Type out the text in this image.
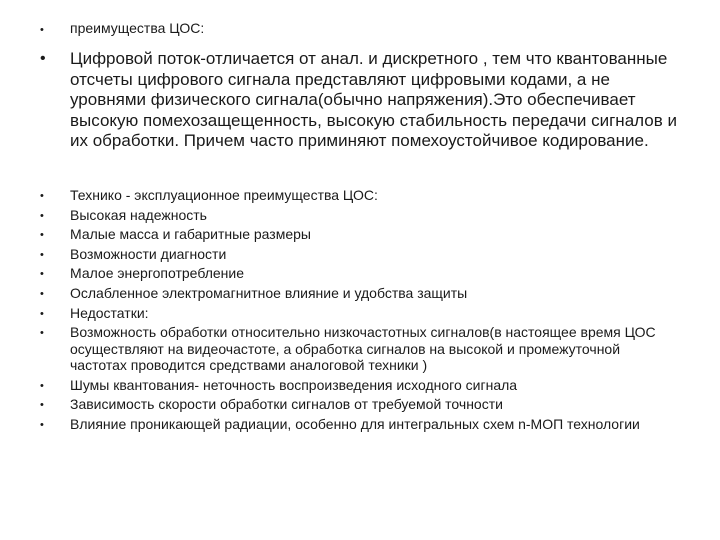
• преимущества ЦОС:
• Цифровой поток-отличается от анал. и дискретного , тем что квантованные отсчеты цифрового сигнала представляют цифровыми кодами, а не уровнями физического сигнала(обычно напряжения).Это обеспечивает высокую помехозащещенность, высокую стабильность передачи сигналов и их обработки. Причем часто приминяют помехоустойчивое кодирование.
• Технико - эксплуационное преимущества ЦОС:
• Высокая надежность
• Малые масса и габаритные размеры
• Возможности диагности
• Малое энергопотребление
• Ослабленное электромагнитное влияние и удобства защиты
• Недостатки:
• Возможность обработки относительно низкочастотных сигналов(в настоящее время ЦОС осуществляют на видеочастоте, а обработка сигналов на высокой и промежуточной частотах проводится средствами аналоговой техники )
• Шумы квантования- неточность воспроизведения исходного сигнала
• Зависимость скорости обработки сигналов от требуемой точности
• Влияние проникающей радиации, особенно для интегральных схем n-МОП технологии
